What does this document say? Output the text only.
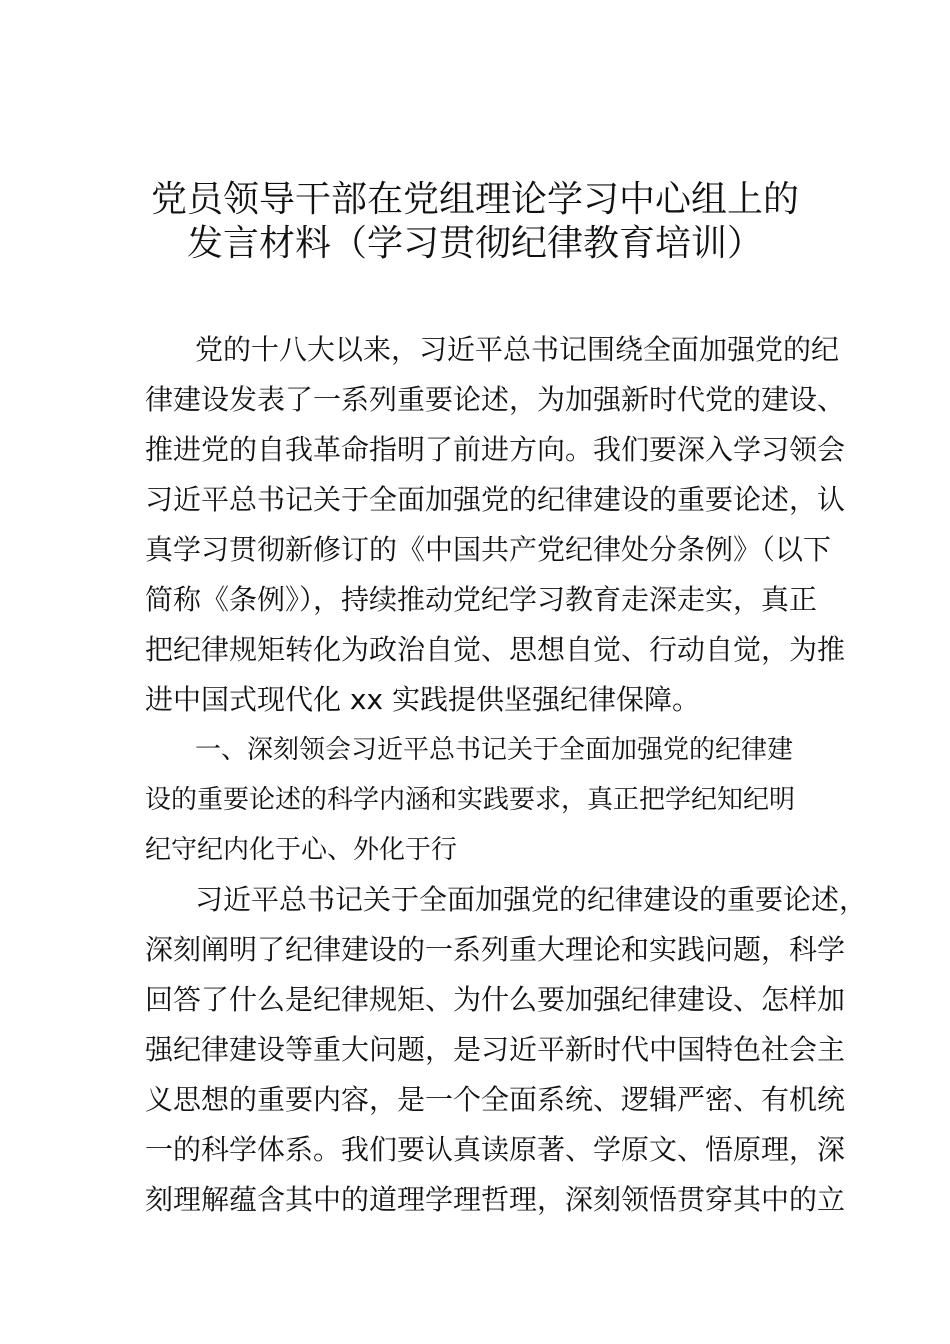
党员领导干部在党组理论学习中心组上的
发言材料（学习贯彻纪律教育培训）
党的十八大以来，习近平总书记围绕全面加强党的纪
律建设发表了一系列重要论述，为加强新时代党的建设、
推进党的自我革命指明了前进方向。我们要深入学习领会
习近平总书记关于全面加强党的纪律建设的重要论述，认
真学习贯彻新修订的《中国共产党纪律处分条例》（以下
简称《条例》），持续推动党纪学习教育走深走实，真正
把纪律规矩转化为政治自觉、思想自觉、行动自觉，为推
进中国式现代化 xx 实践提供坚强纪律保障。
一、深刻领会习近平总书记关于全面加强党的纪律建
设的重要论述的科学内涵和实践要求，真正把学纪知纪明
纪守纪内化于心、外化于行
习近平总书记关于全面加强党的纪律建设的重要论述，
深刻阐明了纪律建设的一系列重大理论和实践问题，科学
回答了什么是纪律规矩、为什么要加强纪律建设、怎样加
强纪律建设等重大问题，是习近平新时代中国特色社会主
义思想的重要内容，是一个全面系统、逻辑严密、有机统
一的科学体系。我们要认真读原著、学原文、悟原理，深
刻理解蕴含其中的道理学理哲理，深刻领悟贯穿其中的立
